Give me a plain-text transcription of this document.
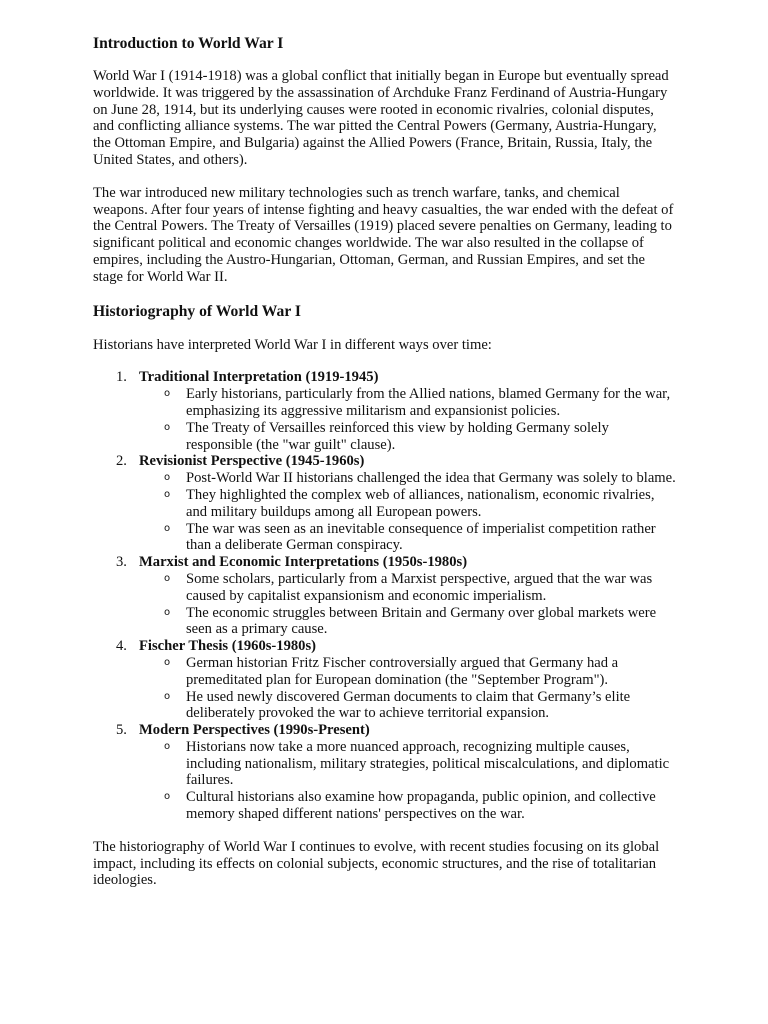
Introduction to World War I

World War I (1914-1918) was a global conflict that initially began in Europe but eventually spread worldwide. It was triggered by the assassination of Archduke Franz Ferdinand of Austria-Hungary on June 28, 1914, but its underlying causes were rooted in economic rivalries, colonial disputes, and conflicting alliance systems. The war pitted the Central Powers (Germany, Austria-Hungary, the Ottoman Empire, and Bulgaria) against the Allied Powers (France, Britain, Russia, Italy, the United States, and others).

The war introduced new military technologies such as trench warfare, tanks, and chemical weapons. After four years of intense fighting and heavy casualties, the war ended with the defeat of the Central Powers. The Treaty of Versailles (1919) placed severe penalties on Germany, leading to significant political and economic changes worldwide. The war also resulted in the collapse of empires, including the Austro-Hungarian, Ottoman, German, and Russian Empires, and set the stage for World War II.

Historiography of World War I

Historians have interpreted World War I in different ways over time:

1. Traditional Interpretation (1919-1945)
o Early historians, particularly from the Allied nations, blamed Germany for the war, emphasizing its aggressive militarism and expansionist policies.
o The Treaty of Versailles reinforced this view by holding Germany solely responsible (the "war guilt" clause).
2. Revisionist Perspective (1945-1960s)
o Post-World War II historians challenged the idea that Germany was solely to blame.
o They highlighted the complex web of alliances, nationalism, economic rivalries, and military buildups among all European powers.
o The war was seen as an inevitable consequence of imperialist competition rather than a deliberate German conspiracy.
3. Marxist and Economic Interpretations (1950s-1980s)
o Some scholars, particularly from a Marxist perspective, argued that the war was caused by capitalist expansionism and economic imperialism.
o The economic struggles between Britain and Germany over global markets were seen as a primary cause.
4. Fischer Thesis (1960s-1980s)
o German historian Fritz Fischer controversially argued that Germany had a premeditated plan for European domination (the "September Program").
o He used newly discovered German documents to claim that Germany’s elite deliberately provoked the war to achieve territorial expansion.
5. Modern Perspectives (1990s-Present)
o Historians now take a more nuanced approach, recognizing multiple causes, including nationalism, military strategies, political miscalculations, and diplomatic failures.
o Cultural historians also examine how propaganda, public opinion, and collective memory shaped different nations' perspectives on the war.

The historiography of World War I continues to evolve, with recent studies focusing on its global impact, including its effects on colonial subjects, economic structures, and the rise of totalitarian ideologies.
